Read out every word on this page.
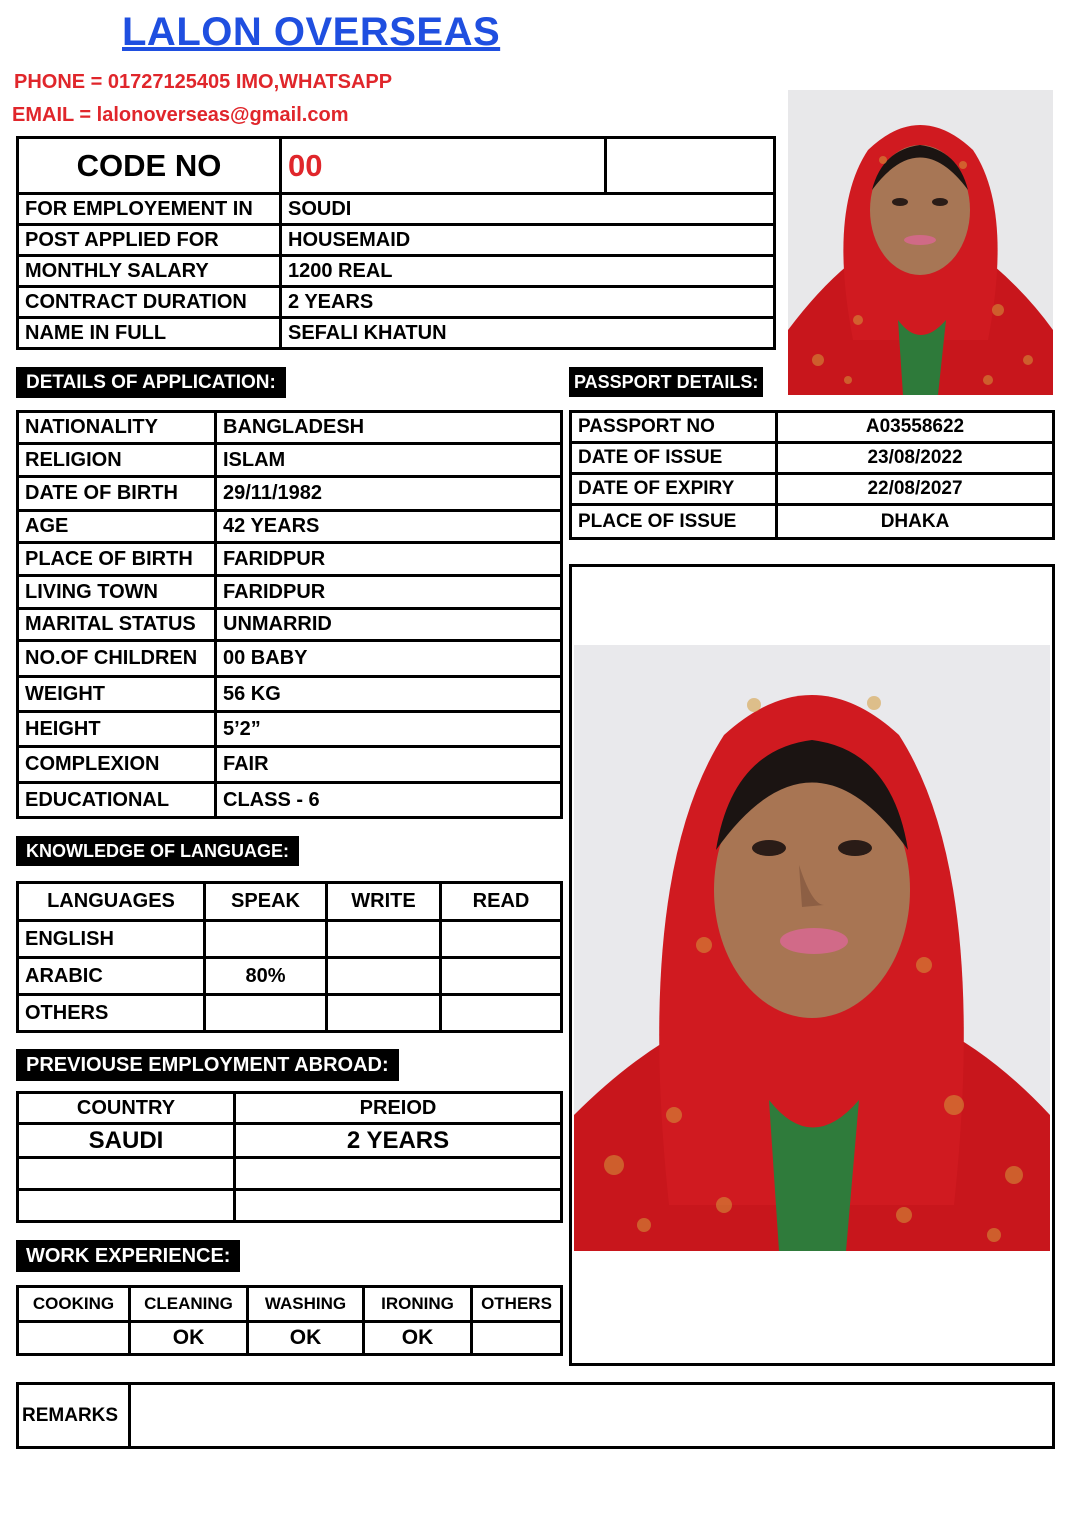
LALON OVERSEAS
PHONE = 01727125405 IMO,WHATSAPP
EMAIL = lalonoverseas@gmail.com
CODE NO	00	
FOR EMPLOYEMENT IN	SOUDI	
POST APPLIED FOR	HOUSEMAID	
MONTHLY SALARY	1200 REAL	
CONTRACT DURATION	2 YEARS	
NAME IN FULL	SEFALI KHATUN	
DETAILS OF APPLICATION:	PASSPORT DETAILS:
NATIONALITY	BANGLADESH
RELIGION	ISLAM
DATE OF BIRTH	29/11/1982
AGE	42 YEARS
PLACE OF BIRTH	FARIDPUR
LIVING TOWN	FARIDPUR
MARITAL STATUS	UNMARRID
NO.OF CHILDREN	00 BABY
WEIGHT	56 KG
HEIGHT	5’2”
COMPLEXION	FAIR
EDUCATIONAL	CLASS - 6
PASSPORT NO	A03558622
DATE OF ISSUE	23/08/2022
DATE OF EXPIRY	22/08/2027
PLACE OF ISSUE	DHAKA
KNOWLEDGE OF LANGUAGE:
LANGUAGES	SPEAK	WRITE	READ
ENGLISH			
ARABIC	80%		
OTHERS			
PREVIOUSE EMPLOYMENT ABROAD:
COUNTRY	PREIOD
SAUDI	2 YEARS

WORK EXPERIENCE:
COOKING	CLEANING	WASHING	IRONING	OTHERS
	OK	OK	OK	
REMARKS	
